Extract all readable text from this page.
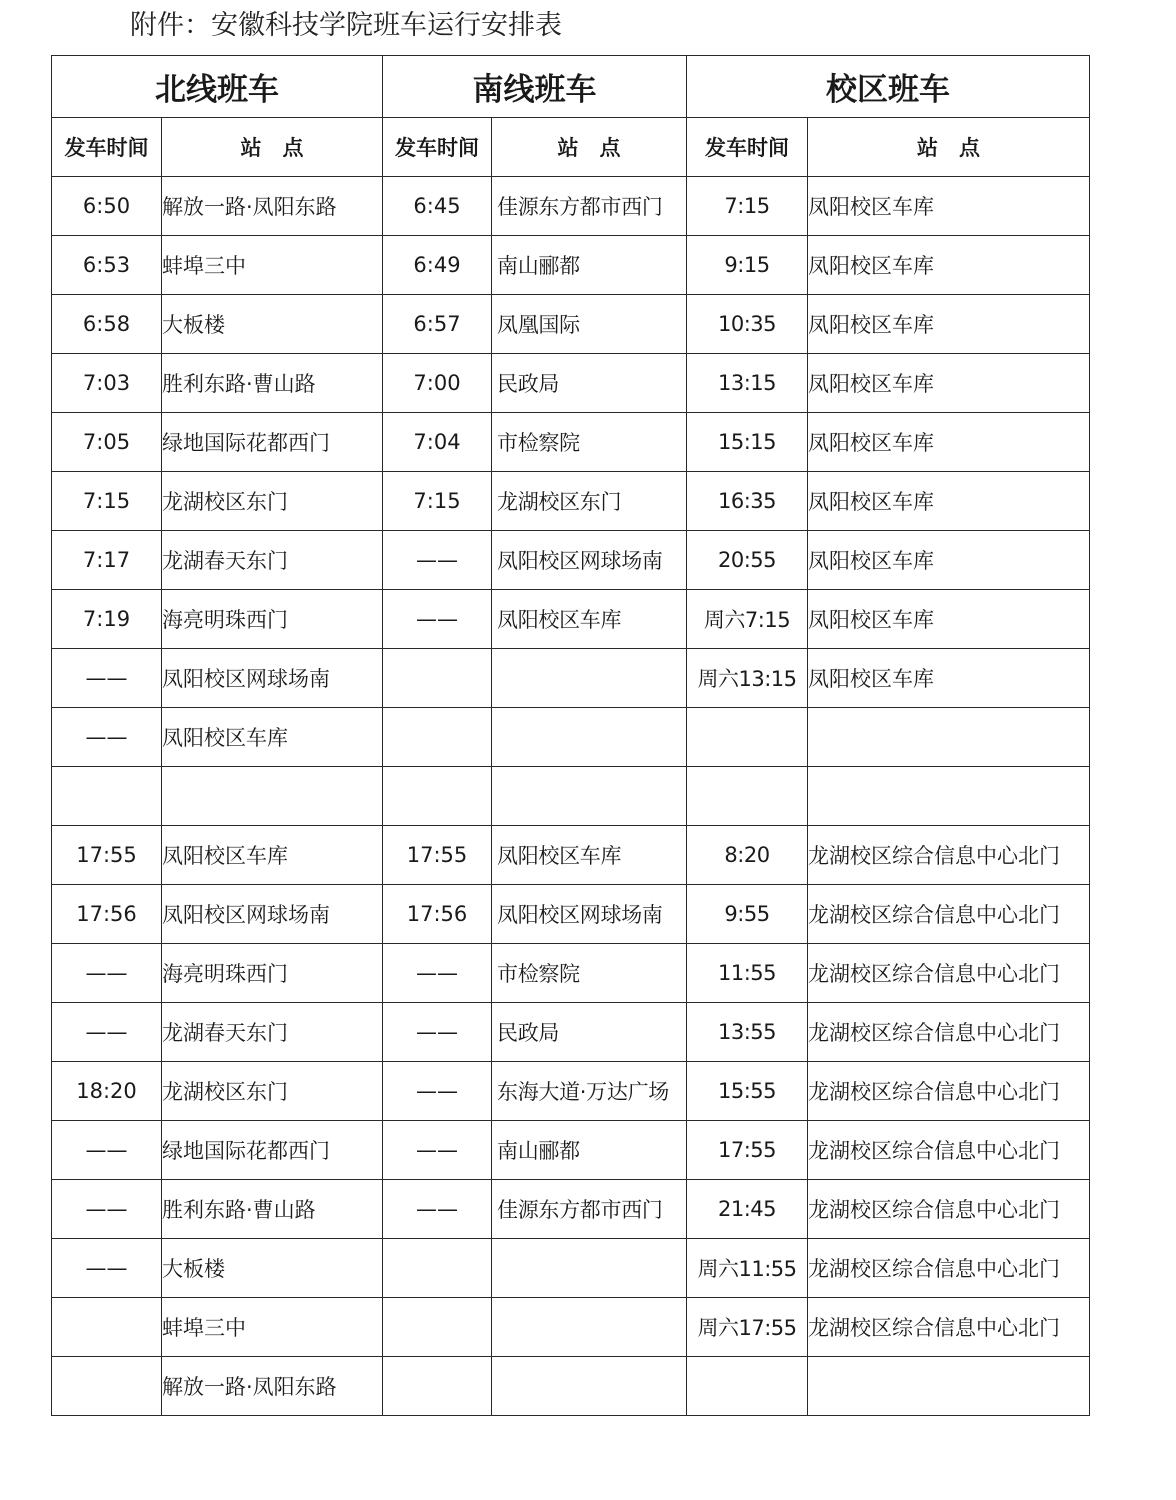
附件：安徽科技学院班车运行安排表
北线班车		南线班车		校区班车	
发车时间	站　点	发车时间	站　点	发车时间	站　点
6:50	解放一路·凤阳东路	6:45	佳源东方都市西门	7:15	凤阳校区车库
6:53	蚌埠三中	6:49	南山郦都	9:15	凤阳校区车库
6:58	大板楼	6:57	凤凰国际	10:35	凤阳校区车库
7:03	胜利东路·曹山路	7:00	民政局	13:15	凤阳校区车库
7:05	绿地国际花都西门	7:04	市检察院	15:15	凤阳校区车库
7:15	龙湖校区东门	7:15	龙湖校区东门	16:35	凤阳校区车库
7:17	龙湖春天东门	——	凤阳校区网球场南	20:55	凤阳校区车库
7:19	海亮明珠西门	——	凤阳校区车库	周六7:15	凤阳校区车库
——	凤阳校区网球场南			周六13:15	凤阳校区车库
——	凤阳校区车库				

17:55	凤阳校区车库	17:55	凤阳校区车库	8:20	龙湖校区综合信息中心北门
17:56	凤阳校区网球场南	17:56	凤阳校区网球场南	9:55	龙湖校区综合信息中心北门
——	海亮明珠西门	——	市检察院	11:55	龙湖校区综合信息中心北门
——	龙湖春天东门	——	民政局	13:55	龙湖校区综合信息中心北门
18:20	龙湖校区东门	——	东海大道·万达广场	15:55	龙湖校区综合信息中心北门
——	绿地国际花都西门	——	南山郦都	17:55	龙湖校区综合信息中心北门
——	胜利东路·曹山路	——	佳源东方都市西门	21:45	龙湖校区综合信息中心北门
——	大板楼			周六11:55	龙湖校区综合信息中心北门
	蚌埠三中			周六17:55	龙湖校区综合信息中心北门
	解放一路·凤阳东路				
